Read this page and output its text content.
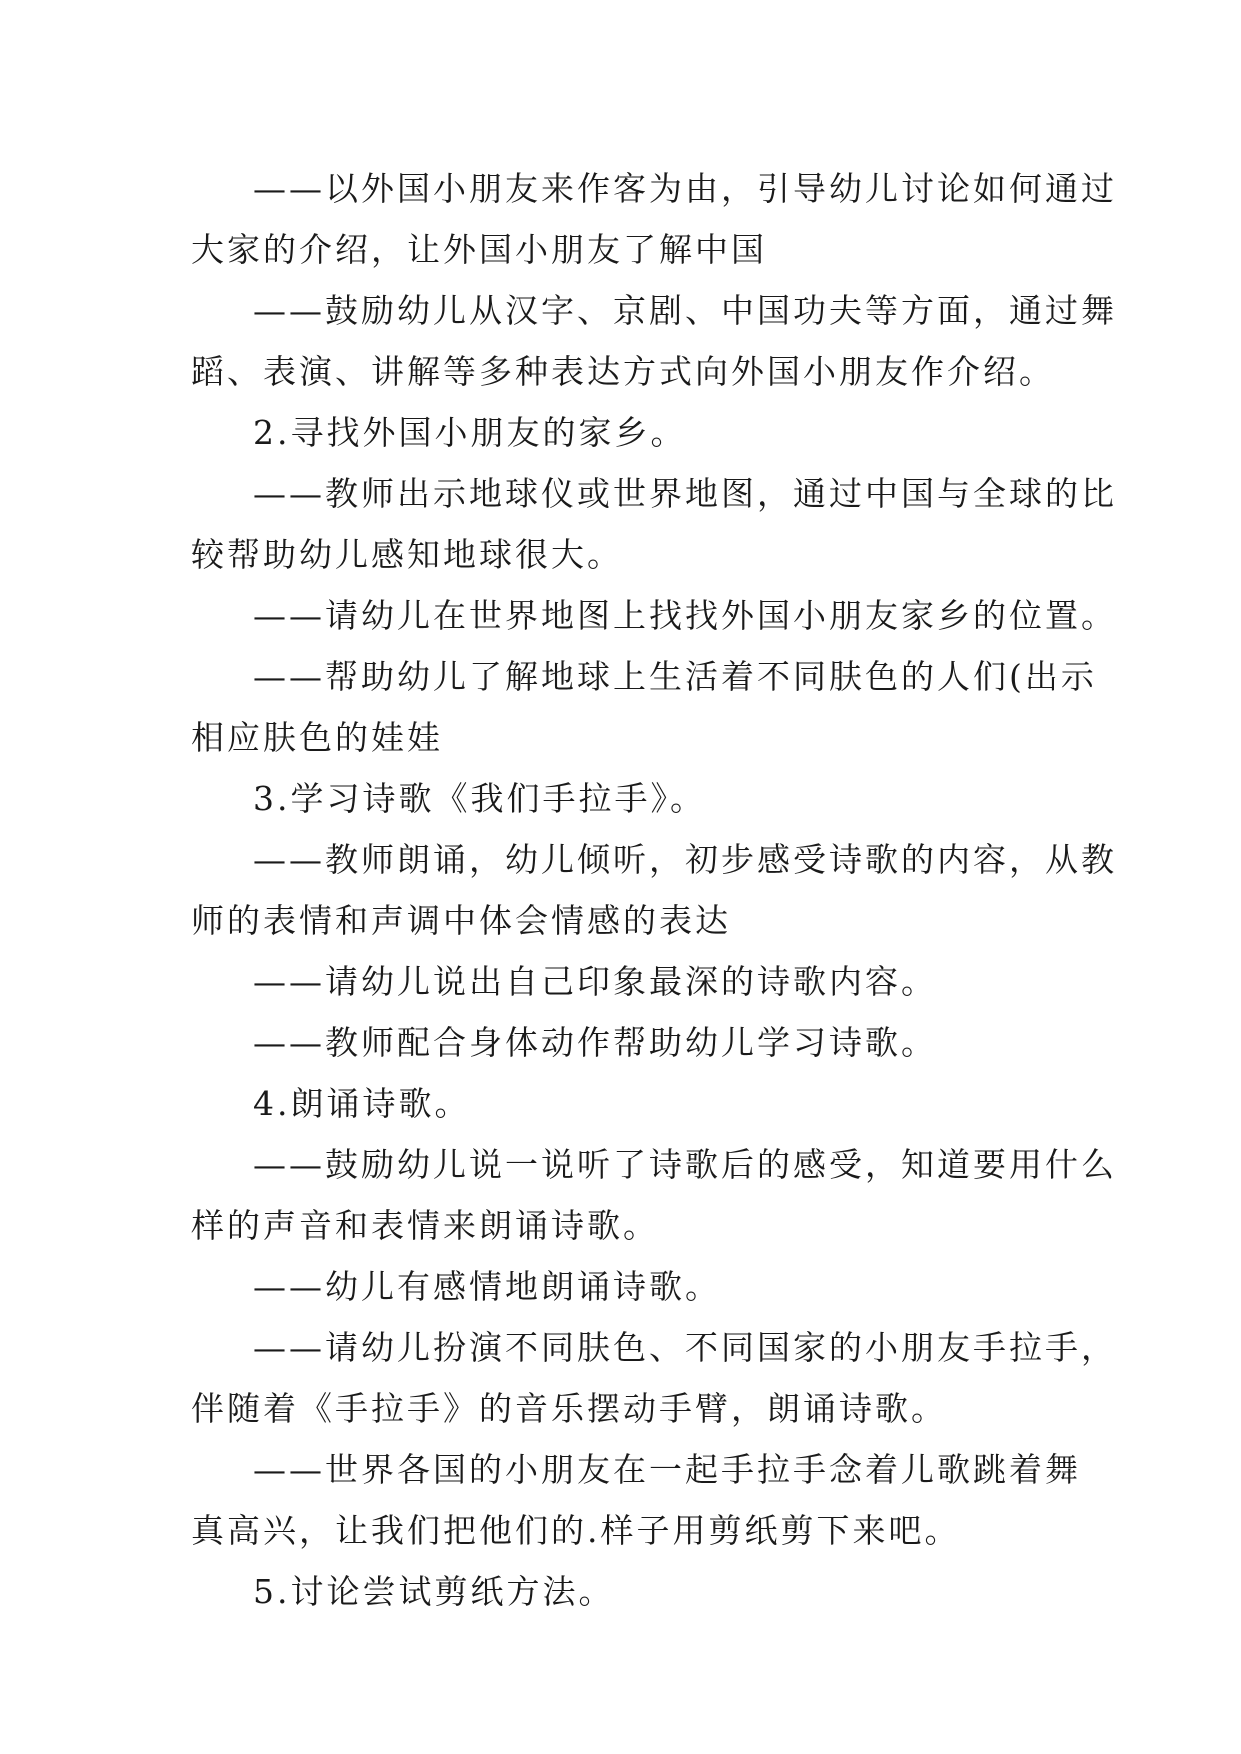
——以外国小朋友来作客为由，引导幼儿讨论如何通过
大家的介绍，让外国小朋友了解中国
——鼓励幼儿从汉字、京剧、中国功夫等方面，通过舞
蹈、表演、讲解等多种表达方式向外国小朋友作介绍。
2.寻找外国小朋友的家乡。
——教师出示地球仪或世界地图，通过中国与全球的比
较帮助幼儿感知地球很大。
——请幼儿在世界地图上找找外国小朋友家乡的位置。
——帮助幼儿了解地球上生活着不同肤色的人们(出示
相应肤色的娃娃
3.学习诗歌《我们手拉手》。
——教师朗诵，幼儿倾听，初步感受诗歌的内容，从教
师的表情和声调中体会情感的表达
——请幼儿说出自己印象最深的诗歌内容。
——教师配合身体动作帮助幼儿学习诗歌。
4.朗诵诗歌。
——鼓励幼儿说一说听了诗歌后的感受，知道要用什么
样的声音和表情来朗诵诗歌。
——幼儿有感情地朗诵诗歌。
——请幼儿扮演不同肤色、不同国家的小朋友手拉手，
伴随着《手拉手》的音乐摆动手臂，朗诵诗歌。
——世界各国的小朋友在一起手拉手念着儿歌跳着舞
真高兴，让我们把他们的.样子用剪纸剪下来吧。
5.讨论尝试剪纸方法。
